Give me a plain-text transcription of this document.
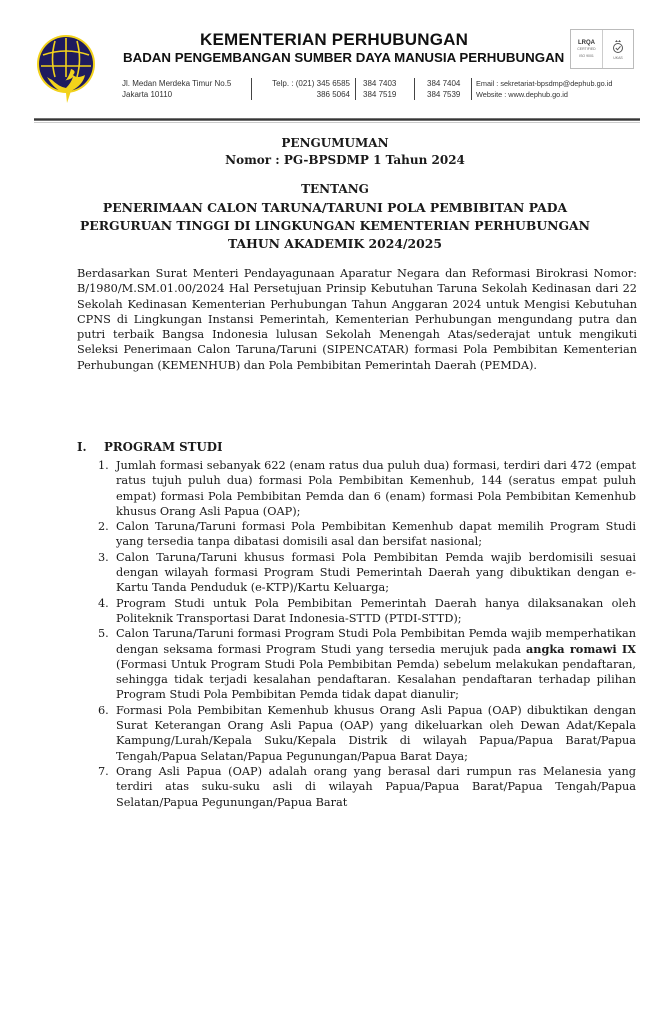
KEMENTERIAN PERHUBUNGAN
BADAN PENGEMBANGAN SUMBER DAYA MANUSIA PERHUBUNGAN
LRQA
CERTIFIED
ISO 9001	UKAS
Jl. Medan Merdeka Timur No.5
Jakarta 10110
Telp. : (021) 345 6585
386 5064
384 7403
384 7519
384 7404
384 7539
Email : sekretariat-bpsdmp@dephub.go.id
Website : www.dephub.go.id
PENGUMUMAN
Nomor : PG-BPSDMP 1 Tahun 2024
TENTANG
PENERIMAAN CALON TARUNA/TARUNI POLA PEMBIBITAN PADA
PERGURUAN TINGGI DI LINGKUNGAN KEMENTERIAN PERHUBUNGAN
TAHUN AKADEMIK 2024/2025
Berdasarkan Surat Menteri Pendayagunaan Aparatur Negara dan Reformasi Birokrasi Nomor: B/1980/M.SM.01.00/2024 Hal Persetujuan Prinsip Kebutuhan Taruna Sekolah Kedinasan dari 22 Sekolah Kedinasan Kementerian Perhubungan Tahun Anggaran 2024 untuk Mengisi Kebutuhan CPNS di Lingkungan Instansi Pemerintah, Kementerian Perhubungan mengundang putra dan putri terbaik Bangsa Indonesia lulusan Sekolah Menengah Atas/sederajat untuk mengikuti Seleksi Penerimaan Calon Taruna/Taruni (SIPENCATAR) formasi Pola Pembibitan Kementerian Perhubungan (KEMENHUB) dan Pola Pembibitan Pemerintah Daerah (PEMDA).
I. PROGRAM STUDI
1. Jumlah formasi sebanyak 622 (enam ratus dua puluh dua) formasi, terdiri dari 472 (empat ratus tujuh puluh dua) formasi Pola Pembibitan Kemenhub, 144 (seratus empat puluh empat) formasi Pola Pembibitan Pemda dan 6 (enam) formasi Pola Pembibitan Kemenhub khusus Orang Asli Papua (OAP);
2. Calon Taruna/Taruni formasi Pola Pembibitan Kemenhub dapat memilih Program Studi yang tersedia tanpa dibatasi domisili asal dan bersifat nasional;
3. Calon Taruna/Taruni khusus formasi Pola Pembibitan Pemda wajib berdomisili sesuai dengan wilayah formasi Program Studi Pemerintah Daerah yang dibuktikan dengan e-Kartu Tanda Penduduk (e-KTP)/Kartu Keluarga;
4. Program Studi untuk Pola Pembibitan Pemerintah Daerah hanya dilaksanakan oleh Politeknik Transportasi Darat Indonesia-STTD (PTDI-STTD);
5. Calon Taruna/Taruni formasi Program Studi Pola Pembibitan Pemda wajib memperhatikan dengan seksama formasi Program Studi yang tersedia merujuk pada angka romawi IX (Formasi Untuk Program Studi Pola Pembibitan Pemda) sebelum melakukan pendaftaran, sehingga tidak terjadi kesalahan pendaftaran. Kesalahan pendaftaran terhadap pilihan Program Studi Pola Pembibitan Pemda tidak dapat dianulir;
6. Formasi Pola Pembibitan Kemenhub khusus Orang Asli Papua (OAP) dibuktikan dengan Surat Keterangan Orang Asli Papua (OAP) yang dikeluarkan oleh Dewan Adat/Kepala Kampung/Lurah/Kepala Suku/Kepala Distrik di wilayah Papua/Papua Barat/Papua Tengah/Papua Selatan/Papua Pegunungan/Papua Barat Daya;
7. Orang Asli Papua (OAP) adalah orang yang berasal dari rumpun ras Melanesia yang terdiri atas suku-suku asli di wilayah Papua/Papua Barat/Papua Tengah/Papua Selatan/Papua Pegunungan/Papua Barat
